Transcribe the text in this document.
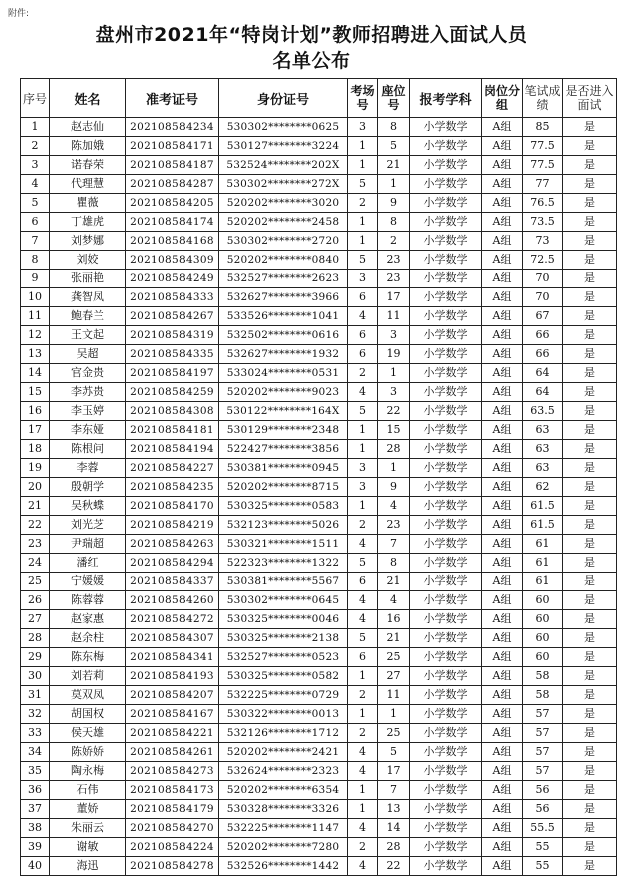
附件:
盘州市2021年“特岗计划”教师招聘进入面试人员
名单公布
序号	姓名	准考证号	身份证号	考场号	座位号	报考学科	岗位分组	笔试成绩	是否进入面试
1	赵志仙	202108584234	530302********0625	3	8	小学数学	A组	85	是
2	陈加娥	202108584171	530127********3224	1	5	小学数学	A组	77.5	是
3	诺春荣	202108584187	532524********202X	1	21	小学数学	A组	77.5	是
4	代理慧	202108584287	530302********272X	5	1	小学数学	A组	77	是
5	瞿薇	202108584205	520202********3020	2	9	小学数学	A组	76.5	是
6	丁雄虎	202108584174	520202********2458	1	8	小学数学	A组	73.5	是
7	刘梦娜	202108584168	530302********2720	1	2	小学数学	A组	73	是
8	刘姣	202108584309	520202********0840	5	23	小学数学	A组	72.5	是
9	张丽艳	202108584249	532527********2623	3	23	小学数学	A组	70	是
10	龚智凤	202108584333	532627********3966	6	17	小学数学	A组	70	是
11	鲍春兰	202108584267	533526********1041	4	11	小学数学	A组	67	是
12	王文起	202108584319	532502********0616	6	3	小学数学	A组	66	是
13	吴超	202108584335	532627********1932	6	19	小学数学	A组	66	是
14	官金贵	202108584197	533024********0531	2	1	小学数学	A组	64	是
15	李苏贵	202108584259	520202********9023	4	3	小学数学	A组	64	是
16	李玉婷	202108584308	530122********164X	5	22	小学数学	A组	63.5	是
17	李东娅	202108584181	530129********2348	1	15	小学数学	A组	63	是
18	陈根问	202108584194	522427********3856	1	28	小学数学	A组	63	是
19	李蓉	202108584227	530381********0945	3	1	小学数学	A组	63	是
20	殷朝学	202108584235	520202********8715	3	9	小学数学	A组	62	是
21	吴秋蝶	202108584170	530325********0583	1	4	小学数学	A组	61.5	是
22	刘光芝	202108584219	532123********5026	2	23	小学数学	A组	61.5	是
23	尹瑞超	202108584263	530321********1511	4	7	小学数学	A组	61	是
24	潘红	202108584294	522323********1322	5	8	小学数学	A组	61	是
25	宁媛媛	202108584337	530381********5567	6	21	小学数学	A组	61	是
26	陈蓉蓉	202108584260	530302********0645	4	4	小学数学	A组	60	是
27	赵家惠	202108584272	530325********0046	4	16	小学数学	A组	60	是
28	赵余柱	202108584307	530325********2138	5	21	小学数学	A组	60	是
29	陈东梅	202108584341	532527********0523	6	25	小学数学	A组	60	是
30	刘若莉	202108584193	530325********0582	1	27	小学数学	A组	58	是
31	莫双凤	202108584207	532225********0729	2	11	小学数学	A组	58	是
32	胡国权	202108584167	530322********0013	1	1	小学数学	A组	57	是
33	侯天雄	202108584221	532126********1712	2	25	小学数学	A组	57	是
34	陈娇娇	202108584261	520202********2421	4	5	小学数学	A组	57	是
35	陶永梅	202108584273	532624********2323	4	17	小学数学	A组	57	是
36	石伟	202108584173	520202********6354	1	7	小学数学	A组	56	是
37	董娇	202108584179	530328********3326	1	13	小学数学	A组	56	是
38	朱丽云	202108584270	532225********1147	4	14	小学数学	A组	55.5	是
39	谢敏	202108584224	520202********7280	2	28	小学数学	A组	55	是
40	海迅	202108584278	532526********1442	4	22	小学数学	A组	55	是
